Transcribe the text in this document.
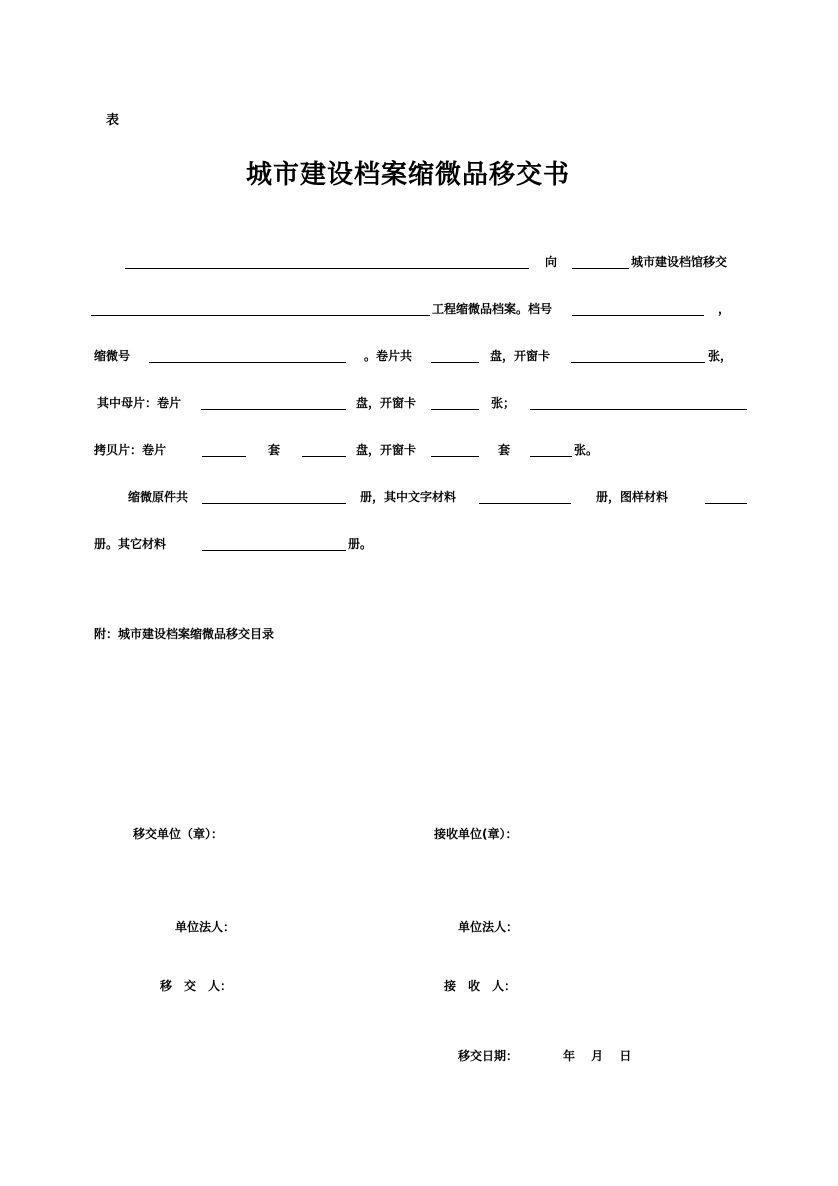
表
城市建设档案缩微品移交书
向	城市建设档馆移交
工程缩微品档案。档号	，
缩微号	。卷片共	盘，开窗卡	张，
其中母片：卷片	盘，开窗卡	张；
拷贝片：卷片	套	盘，开窗卡	套	张。
缩微原件共	册，其中文字材料	册，图样材料
册。其它材料	册。
附：城市建设档案缩微品移交目录
移交单位（章）：	接收单位(章）：
单位法人：	单位法人：
移　交　人：	接　收　人：
移交日期：	年　 月　 日
